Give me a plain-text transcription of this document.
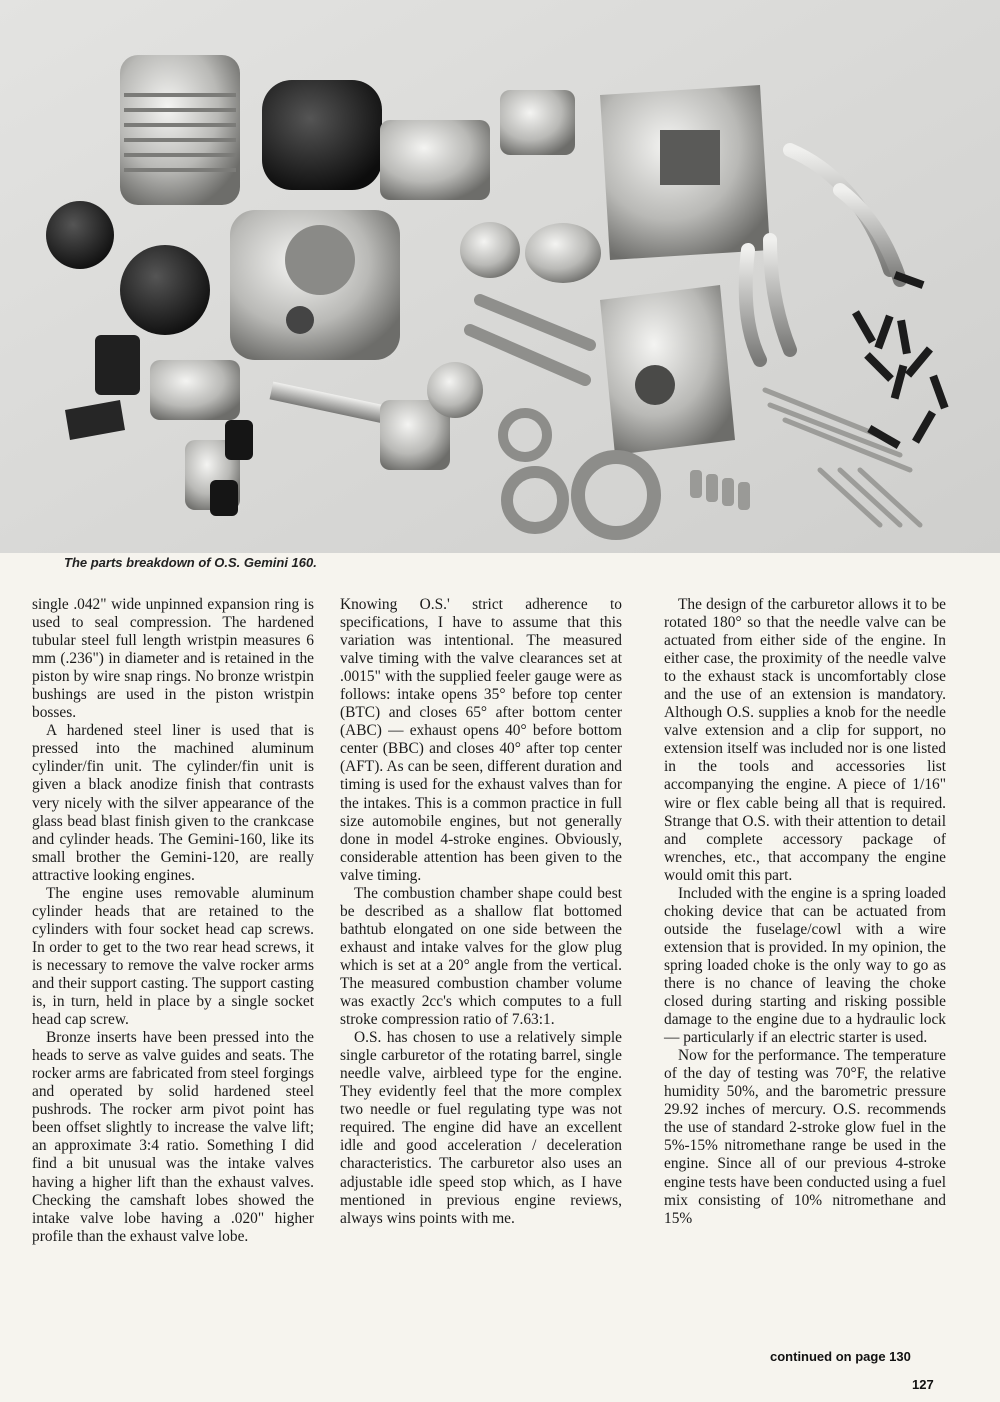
The parts breakdown of O.S. Gemini 160.

single .042" wide unpinned expansion ring is used to seal compression. The hardened tubular steel full length wristpin measures 6 mm (.236") in diameter and is retained in the piston by wire snap rings. No bronze wristpin bushings are used in the piston wristpin bosses.

A hardened steel liner is used that is pressed into the machined aluminum cylinder/fin unit. The cylinder/fin unit is given a black anodize finish that contrasts very nicely with the silver appearance of the glass bead blast finish given to the crankcase and cylinder heads. The Gemini-160, like its small brother the Gemini-120, are really attractive looking engines.

The engine uses removable aluminum cylinder heads that are retained to the cylinders with four socket head cap screws. In order to get to the two rear head screws, it is necessary to remove the valve rocker arms and their support casting. The support casting is, in turn, held in place by a single socket head cap screw.

Bronze inserts have been pressed into the heads to serve as valve guides and seats. The rocker arms are fabricated from steel forgings and operated by solid hardened steel pushrods. The rocker arm pivot point has been offset slightly to increase the valve lift; an approximate 3:4 ratio. Something I did find a bit unusual was the intake valves having a higher lift than the exhaust valves. Checking the camshaft lobes showed the intake valve lobe having a .020" higher profile than the exhaust valve lobe.

Knowing O.S.' strict adherence to specifications, I have to assume that this variation was intentional. The measured valve timing with the valve clearances set at .0015" with the supplied feeler gauge were as follows: intake opens 35° before top center (BTC) and closes 65° after bottom center (ABC) — exhaust opens 40° before bottom center (BBC) and closes 40° after top center (AFT). As can be seen, different duration and timing is used for the exhaust valves than for the intakes. This is a common practice in full size automobile engines, but not generally done in model 4-stroke engines. Obviously, considerable attention has been given to the valve timing.

The combustion chamber shape could best be described as a shallow flat bottomed bathtub elongated on one side between the exhaust and intake valves for the glow plug which is set at a 20° angle from the vertical. The measured combustion chamber volume was exactly 2cc's which computes to a full stroke compression ratio of 7.63:1.

O.S. has chosen to use a relatively simple single carburetor of the rotating barrel, single needle valve, airbleed type for the engine. They evidently feel that the more complex two needle or fuel regulating type was not required. The engine did have an excellent idle and good acceleration / deceleration characteristics. The carburetor also uses an adjustable idle speed stop which, as I have mentioned in previous engine reviews, always wins points with me.

The design of the carburetor allows it to be rotated 180° so that the needle valve can be actuated from either side of the engine. In either case, the proximity of the needle valve to the exhaust stack is uncomfortably close and the use of an extension is mandatory. Although O.S. supplies a knob for the needle valve extension and a clip for support, no extension itself was included nor is one listed in the tools and accessories list accompanying the engine. A piece of 1/16" wire or flex cable being all that is required. Strange that O.S. with their attention to detail and complete accessory package of wrenches, etc., that accompany the engine would omit this part.

Included with the engine is a spring loaded choking device that can be actuated from outside the fuselage/cowl with a wire extension that is provided. In my opinion, the spring loaded choke is the only way to go as there is no chance of leaving the choke closed during starting and risking possible damage to the engine due to a hydraulic lock — particularly if an electric starter is used.

Now for the performance. The temperature of the day of testing was 70°F, the relative humidity 50%, and the barometric pressure 29.92 inches of mercury. O.S. recommends the use of standard 2-stroke glow fuel in the 5%-15% nitromethane range be used in the engine. Since all of our previous 4-stroke engine tests have been conducted using a fuel mix consisting of 10% nitromethane and 15%

continued on page 130
127
